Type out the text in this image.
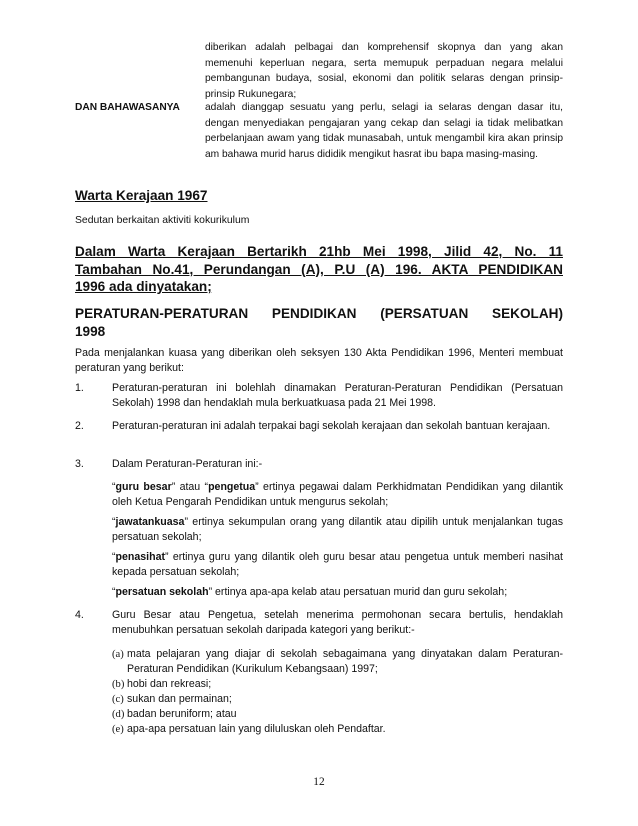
diberikan adalah pelbagai dan komprehensif skopnya dan yang akan memenuhi keperluan negara, serta memupuk perpaduan negara melalui pembangunan budaya, sosial, ekonomi dan politik selaras dengan prinsip-prinsip Rukunegara;
DAN BAHAWASANYA adalah dianggap sesuatu yang perlu, selagi ia selaras dengan dasar itu, dengan menyediakan pengajaran yang cekap dan selagi ia tidak melibatkan perbelanjaan awam yang tidak munasabah, untuk mengambil kira akan prinsip am bahawa murid harus dididik mengikut hasrat ibu bapa masing-masing.
Warta Kerajaan 1967
Sedutan berkaitan aktiviti kokurikulum
Dalam Warta Kerajaan Bertarikh 21hb Mei 1998, Jilid 42, No. 11
Tambahan No.41, Perundangan (A), P.U (A) 196. AKTA PENDIDIKAN
1996 ada dinyatakan;
PERATURAN-PERATURAN PENDIDIKAN (PERSATUAN SEKOLAH)
1998
Pada menjalankan kuasa yang diberikan oleh seksyen 130 Akta Pendidikan 1996, Menteri membuat peraturan yang berikut:
1.	Peraturan-peraturan ini bolehlah dinamakan Peraturan-Peraturan Pendidikan (Persatuan Sekolah) 1998 dan hendaklah mula berkuatkuasa pada 21 Mei 1998.
2.	Peraturan-peraturan ini adalah terpakai bagi sekolah kerajaan dan sekolah bantuan kerajaan.
3.	Dalam Peraturan-Peraturan ini:-
“guru besar” atau “pengetua” ertinya pegawai dalam Perkhidmatan Pendidikan yang dilantik oleh Ketua Pengarah Pendidikan untuk mengurus sekolah;
“jawatankuasa” ertinya sekumpulan orang yang dilantik atau dipilih untuk menjalankan tugas persatuan sekolah;
“penasihat” ertinya guru yang dilantik oleh guru besar atau pengetua untuk memberi nasihat kepada persatuan sekolah;
“persatuan sekolah” ertinya apa-apa kelab atau persatuan murid dan guru sekolah;
4.	Guru Besar atau Pengetua, setelah menerima permohonan secara bertulis, hendaklah menubuhkan persatuan sekolah daripada kategori yang berikut:-
(a) mata pelajaran yang diajar di sekolah sebagaimana yang dinyatakan dalam Peraturan-Peraturan Pendidikan (Kurikulum Kebangsaan) 1997;
(b) hobi dan rekreasi;
(c) sukan dan permainan;
(d) badan beruniform; atau
(e) apa-apa persatuan lain yang diluluskan oleh Pendaftar.
12
